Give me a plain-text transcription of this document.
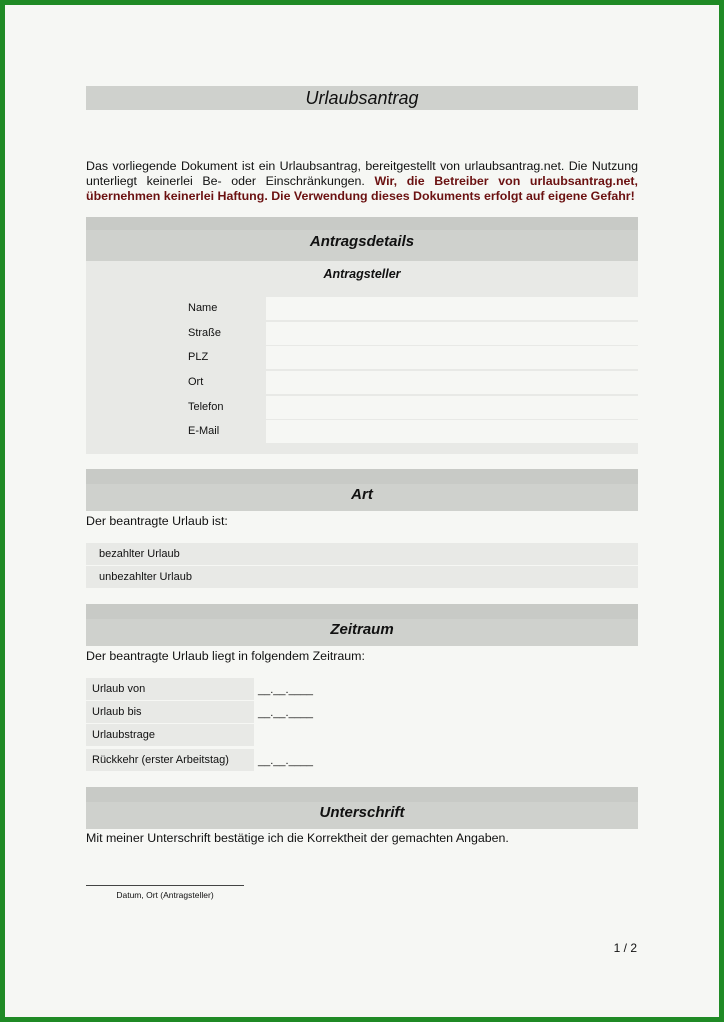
Urlaubsantrag
Das vorliegende Dokument ist ein Urlaubsantrag, bereitgestellt von urlaubsantrag.net. Die Nutzung unterliegt keinerlei Be- oder Einschränkungen. Wir, die Betreiber von urlaubsantrag.net, übernehmen keinerlei Haftung. Die Verwendung dieses Dokuments erfolgt auf eigene Gefahr!
Antragsdetails
Antragsteller
Name
Straße
PLZ
Ort
Telefon
E-Mail
Art
Der beantragte Urlaub ist:
bezahlter Urlaub
unbezahlter Urlaub
Zeitraum
Der beantragte Urlaub liegt in folgendem Zeitraum:
Urlaub von	__.__.____
Urlaub bis	__.__.____
Urlaubstrage
Rückkehr (erster Arbeitstag)	__.__.____
Unterschrift
Mit meiner Unterschrift bestätige ich die Korrektheit der gemachten Angaben.
Datum, Ort (Antragsteller)
1 / 2
